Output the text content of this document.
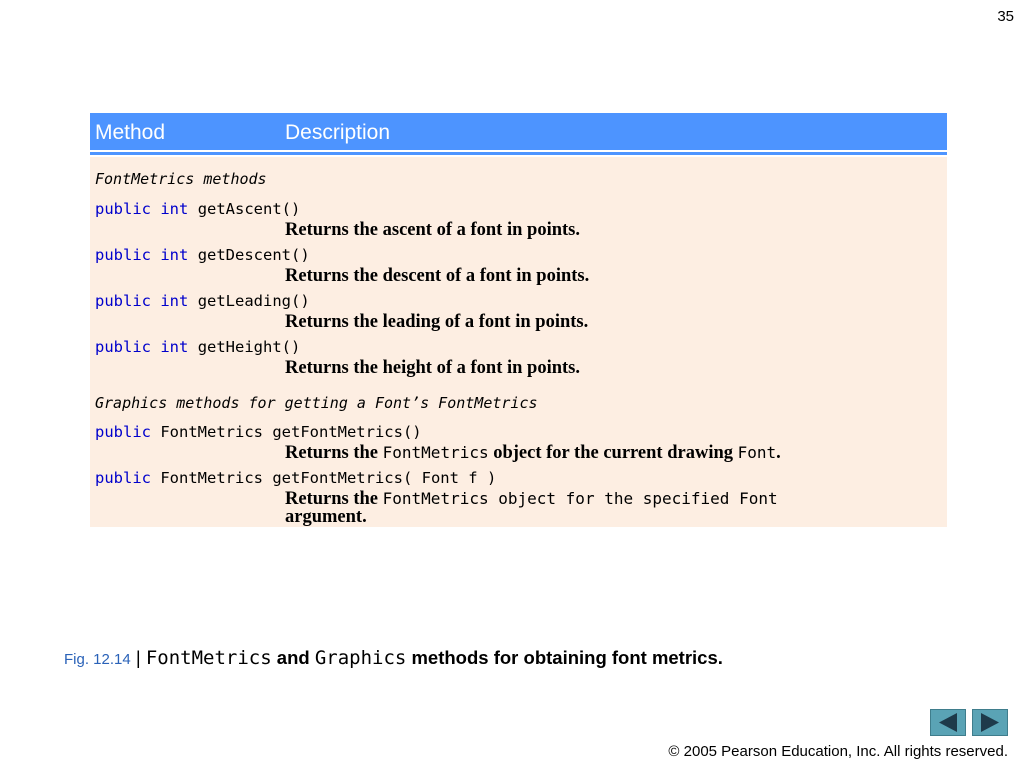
35
Method	Description
FontMetrics methods
public int getAscent()
Returns the ascent of a font in points.
public int getDescent()
Returns the descent of a font in points.
public int getLeading()
Returns the leading of a font in points.
public int getHeight()
Returns the height of a font in points.
Graphics methods for getting a Font’s FontMetrics
public FontMetrics getFontMetrics()
Returns the FontMetrics object for the current drawing Font.
public FontMetrics getFontMetrics( Font f )
Returns the FontMetrics object for the specified Font
argument.
Fig. 12.14 | FontMetrics and Graphics methods for obtaining font metrics.
© 2005 Pearson Education, Inc. All rights reserved.
